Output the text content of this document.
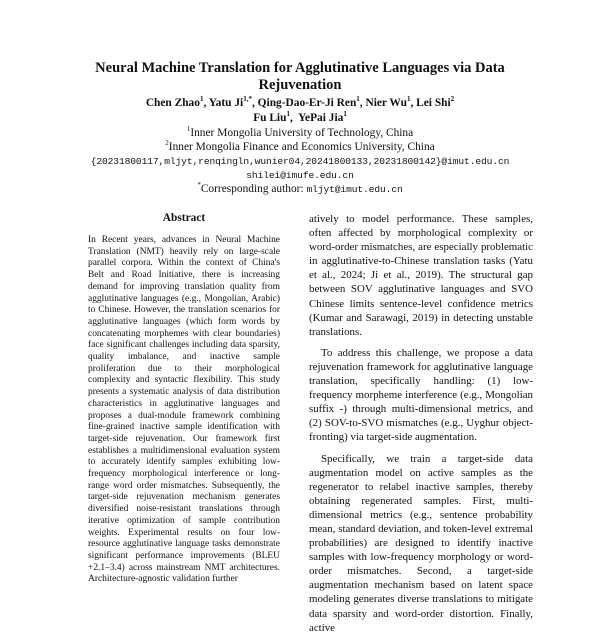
Neural Machine Translation for Agglutinative Languages via Data Rejuvenation
Chen Zhao$^1$, Yatu $Ji^{1,*}$, Qing-Dao-Er-Ji Ren$^1$, Nier Wu$^1$, Lei Shi$^2$
Fu Liu$^1$,  YePai Jia$^1$
$^1$Inner Mongolia University of Technology, China
$^2$Inner Mongolia Finance and Economics University, China
{20231800117,mljyt,renqingln,wunier04,20241800133,20231800142}@imut.edu.cn
shilei@imufe.edu.cn
*Corresponding author: mljyt@imut.edu.cn
Abstract
In Recent years, advances in Neural Machine Translation (NMT) heavily rely on large-scale parallel corpora. Within the context of China's Belt and Road Initiative, there is increasing demand for improving translation quality from agglutinative languages (e.g., Mongolian, Arabic) to Chinese. However, the translation scenarios for agglutinative languages (which form words by concatenating morphemes with clear boundaries) face significant challenges including data sparsity, quality imbalance, and inactive sample proliferation due to their morphological complexity and syntactic flexibility. This study presents a systematic analysis of data distribution characteristics in agglutinative languages and proposes a dual-module framework combining fine-grained inactive sample identification with target-side rejuvenation. Our framework first establishes a multidimensional evaluation system to accurately identify samples exhibiting low-frequency morphological interference or long-range word order mismatches. Subsequently, the target-side rejuvenation mechanism generates diversified noise-resistant translations through iterative optimization of sample contribution weights. Experimental results on four low-resource agglutinative language tasks demonstrate significant performance improvements (BLEU +2.1–3.4) across mainstream NMT architectures. Architecture-agnostic validation further

atively to model performance. These samples, often affected by morphological complexity or word-order mismatches, are especially problematic in agglutinative-to-Chinese translation tasks (Yatu et al., 2024; Ji et al., 2019). The structural gap between SOV agglutinative languages and SVO Chinese limits sentence-level confidence metrics (Kumar and Sarawagi, 2019) in detecting unstable translations.

To address this challenge, we propose a data rejuvenation framework for agglutinative language translation, specifically handling: (1) low-frequency morpheme interference (e.g., Mongolian suffix -) through multi-dimensional metrics, and (2) SOV-to-SVO mismatches (e.g., Uyghur object-fronting) via target-side augmentation.

Specifically, we train a target-side data augmentation model on active samples as the regenerator to relabel inactive samples, thereby obtaining regenerated samples. First, multi-dimensional metrics (e.g., sentence probability mean, standard deviation, and token-level extremal probabilities) are designed to identify inactive samples with low-frequency morphology or word-order mismatches. Second, a target-side augmentation mechanism based on latent space modeling generates diverse translations to mitigate data sparsity and word-order distortion. Finally, active
